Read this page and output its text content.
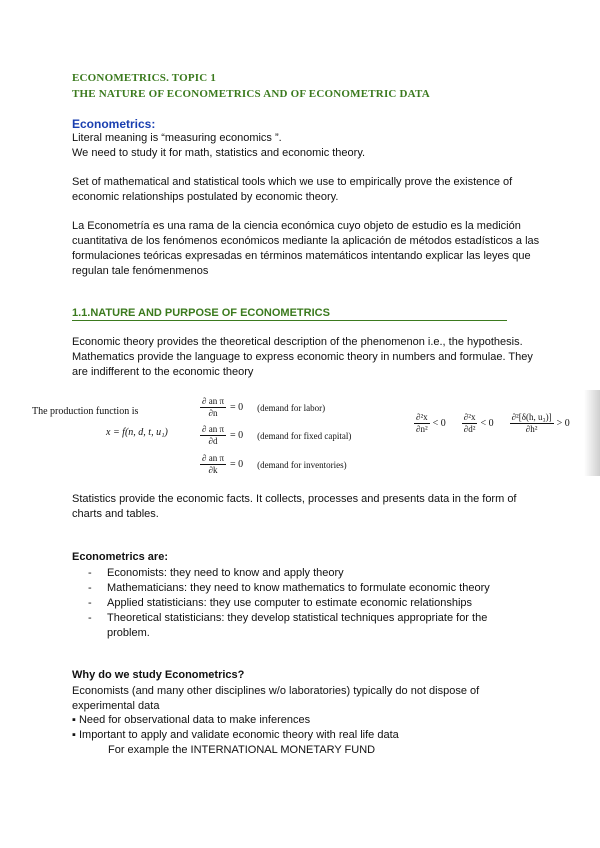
ECONOMETRICS. TOPIC 1
THE NATURE OF ECONOMETRICS AND OF ECONOMETRIC DATA
Econometrics:
Literal meaning is “measuring economics ”.
We need to study it for math, statistics and economic theory.
Set of mathematical and statistical tools which we use to empirically prove the existence of economic relationships postulated by economic theory.
La Econometría es una rama de la ciencia económica cuyo objeto de estudio es la medición cuantitativa de los fenómenos económicos mediante la aplicación de métodos estadísticos a las formulaciones teóricas expresadas en términos matemáticos intentando explicar las leyes que regulan tale fenómenmenos
1.1.NATURE AND PURPOSE OF ECONOMETRICS
Economic theory provides the theoretical description of the phenomenon i.e., the hypothesis. Mathematics provide the language to express economic theory in numbers and formulae. They are indifferent to the economic theory
The production function is
x = f(n, d, t, u₁)
$\frac{\text{∂ an π}}{\partial n} = 0$ (demand for labor)
$\frac{\text{∂ an π}}{\partial d} = 0$ (demand for fixed capital)
$\frac{\text{∂ an π}}{\partial k} = 0$ (demand for inventories)
$\frac{\text{∂²x}}{\text{∂n²}} < 0 \frac{\text{∂²x}}{\text{∂d²}} < 0 \frac{\text{∂²[δ(h, u₃)]}}{\text{∂h²}} > 0$
Statistics provide the economic facts. It collects, processes and presents data in the form of charts and tables.
Econometrics are:
- Economists: they need to know and apply theory
- Mathematicians: they need to know mathematics to formulate economic theory
- Applied statisticians: they use computer to estimate economic relationships
- Theoretical statisticians: they develop statistical techniques appropriate for the problem.
Why do we study Econometrics?
Economists (and many other disciplines w/o laboratories) typically do not dispose of experimental data
▪ Need for observational data to make inferences
▪ Important to apply and validate economic theory with real life data
For example the INTERNATIONAL MONETARY FUND
